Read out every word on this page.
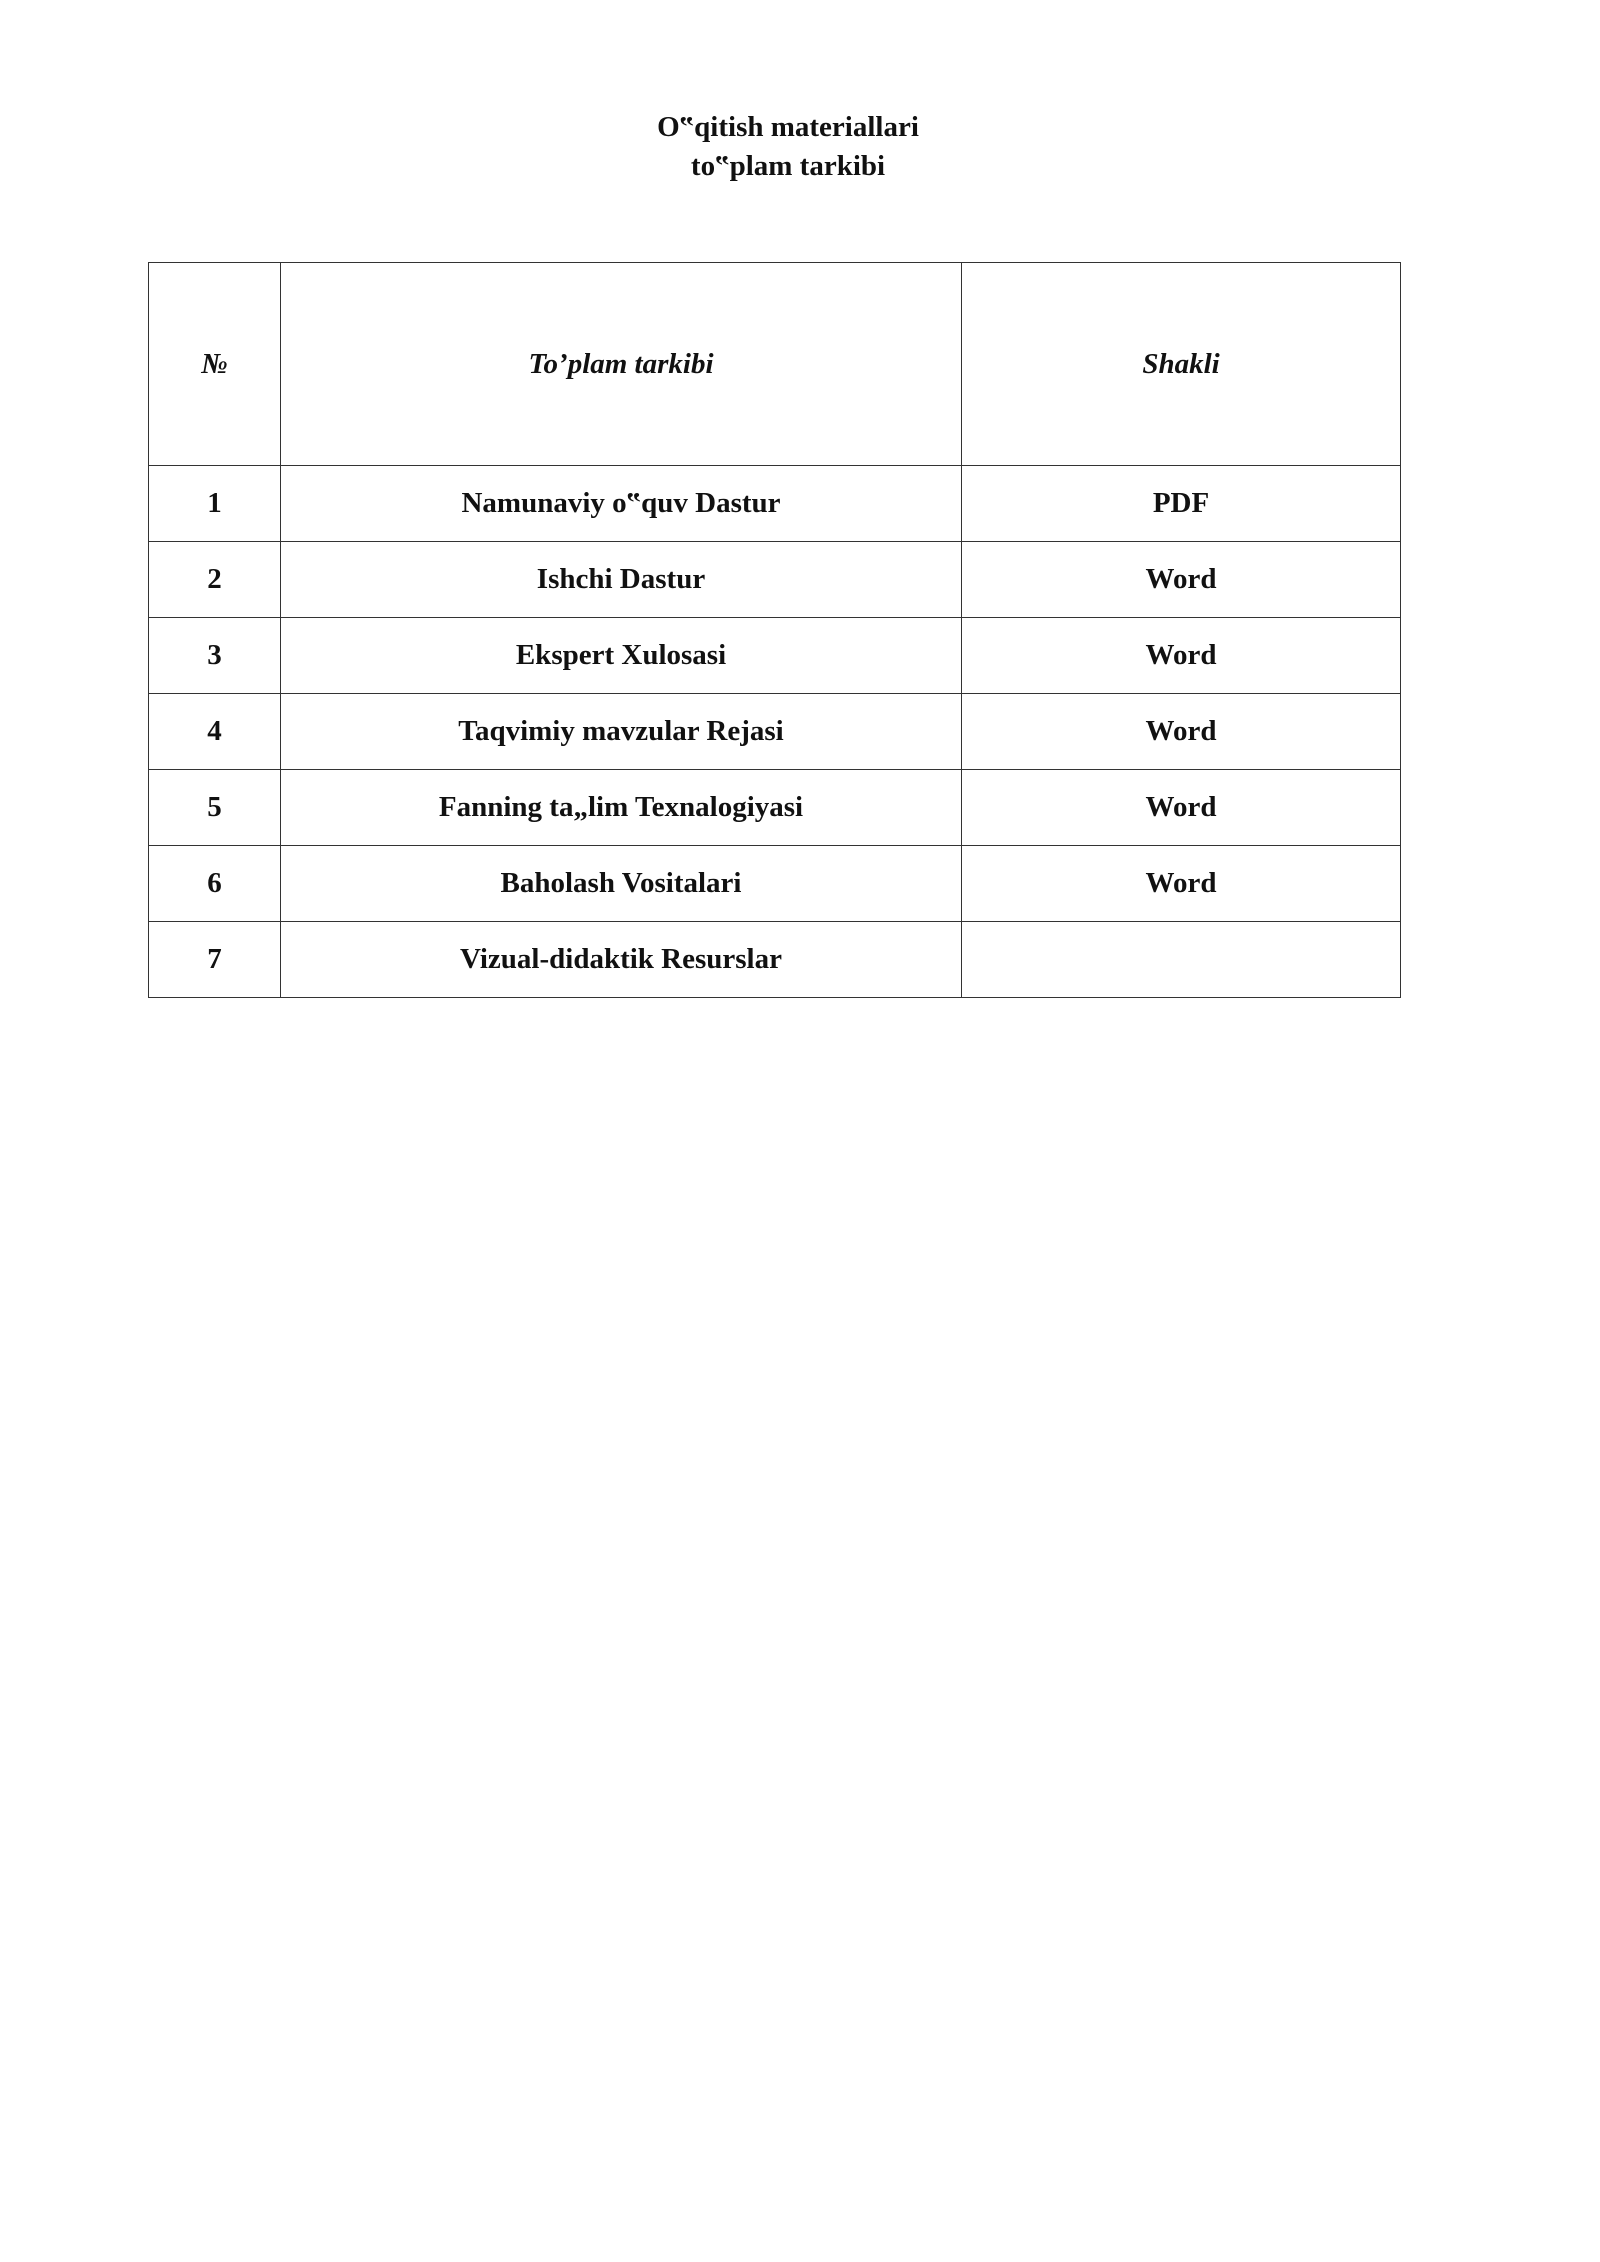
O‟qitish materiallari
to‟plam tarkibi
№	To’plam tarkibi	Shakli
1	Namunaviy o‟quv Dastur	PDF
2	Ishchi Dastur	Word
3	Ekspert Xulosasi	Word
4	Taqvimiy mavzular Rejasi	Word
5	Fanning ta„lim Texnalogiyasi	Word
6	Baholash Vositalari	Word
7	Vizual-didaktik Resurslar	
